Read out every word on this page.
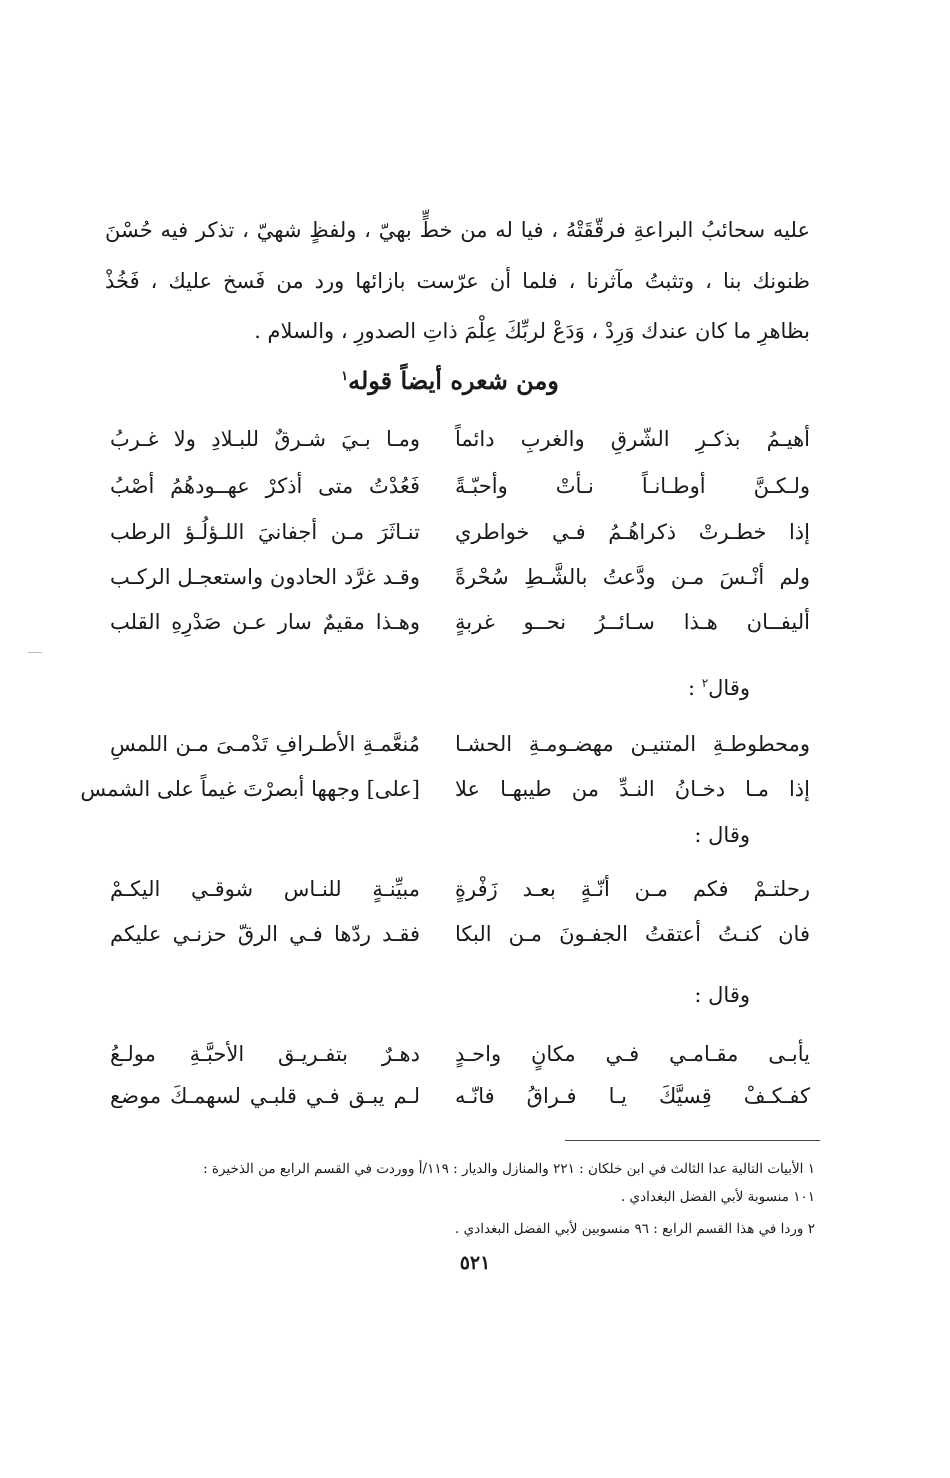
عليه سحائبُ البراعةِ فرقّقَتْهُ ، فيا له من خطٍّ بهيّ ، ولفظٍ شهيّ ، تذكر فيه حُسْنَ
ظنونك بنا ، وتثبتُ مآثرنا ، فلما أن عرّست بازائها ورد من فَسخ عليك ، فَخُذْ
بظاهرِ ما كان عندك وَرِدْ ، وَدَعْ لربِّكَ عِلْمَ ذاتِ الصدورِ ، والسلام .
ومن شعره أيضاً قوله$^١$
أهيـمُ بذكـرِ الشّرقِ والغربِ دائماً
ومـا بـيَ شـرقٌ للبـلادِ ولا غـربُ
ولـكـنَّ أوطـانـاً نـأتْ وأحبّـةً
فَعُدْتُ متى أذكرْ عهــودهُمُ أصْبُ
إذا خطـرتْ ذكراهُـمُ فـي خواطري
تنـاثَرَ مـن أجفانيَ اللـؤلُـؤ الرطب
ولم أنْـسَ مـن ودَّعتُ بالشَّـطِ سُحْرةً
وقـد غرَّد الحادون واستعجـل الركـب
أليفــان هـذا سـائــرُ نحــو غربةٍ
وهـذا مقيمٌ سار عـن صَدْرِهِ القلب
وقال$^٢$ :
ومحطوطـةِ المتنيـن مهضـومـةِ الحشـا
مُنعَّمـةِ الأطـرافِ تَدْمـىَ مـن اللمسِ
إذا مـا دخـانُ النـدِّ من طيبهـا علا
[على] وجهها أبصرْتَ غيماً على الشمس
وقال :
رحلتـمْ فكم مـن أنّـةٍ بعـد زَفْرةٍ
مبيِّنـةٍ للنـاس شوقـي اليكـمْ
فان كنـتُ أعتقتُ الجفـونَ مـن البكا
فقـد ردّها فـي الرقّ حزنـي عليكم
وقال :
يأبـى مقـامـي فـي مكانٍ واحـدٍ
دهـرٌ بتفـريـق الأحبَّـةِ مولـعُ
كفـكـفْ قِسيَّكَ يـا فـراقُ فانّـه
لـم يبـق فـي قلبـي لسهمـكَ موضع
١ الأبيات التالية عدا الثالث في ابن خلكان : ٢٢١ والمنازل والديار : ١١٩/أ ووردت في القسم الرابع من الذخيرة :
١٠١ منسوبة لأبي الفضل البغدادي .
٢ وردا في هذا القسم الرابع : ٩٦ منسوبين لأبي الفضل البغدادي .
٥٢١
